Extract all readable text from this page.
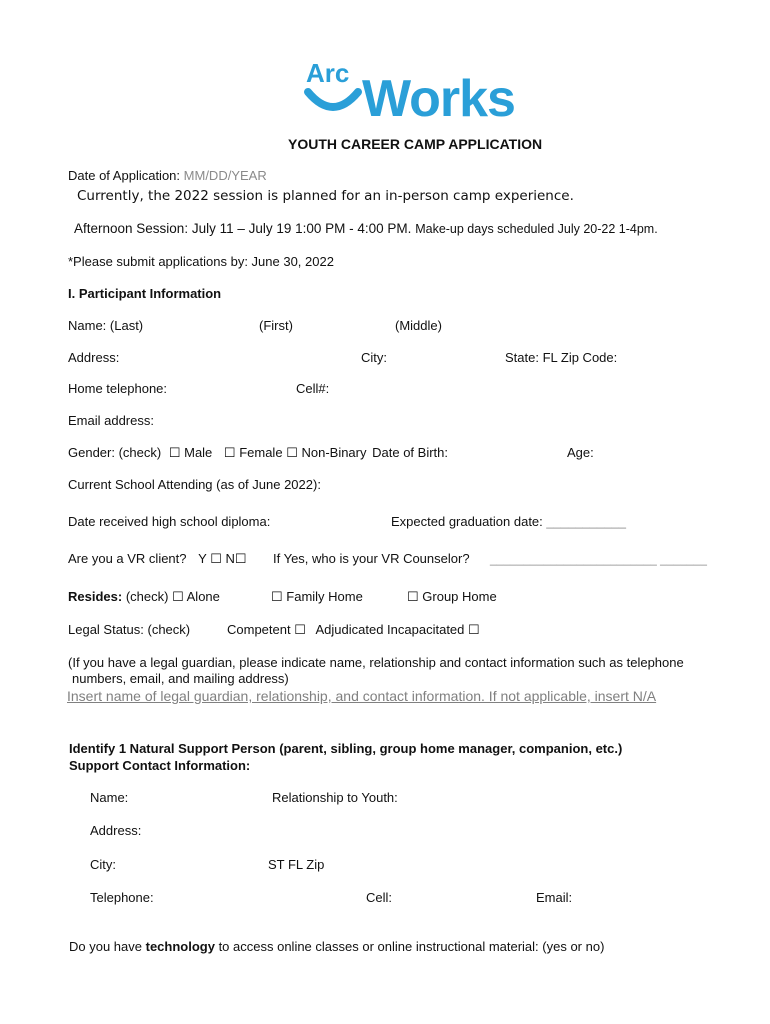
Arc Works
YOUTH CAREER CAMP APPLICATION
Date of Application: MM/DD/YEAR
Currently, the 2022 session is planned for an in-person camp experience.
Afternoon Session: July 11 – July 19 1:00 PM - 4:00 PM. Make-up days scheduled July 20-22 1-4pm.
*Please submit applications by: June 30, 2022
I. Participant Information
Name: (Last)	(First)	(Middle)
Address:	City:	State: FL Zip Code:
Home telephone:	Cell#:
Email address:
Gender: (check) ☐ Male ☐ Female ☐ Non-Binary Date of Birth:	Age:
Current School Attending (as of June 2022):
Date received high school diploma:	Expected graduation date: ___________
Are you a VR client? Y ☐ N☐ If Yes, who is your VR Counselor? _________________________ _______
Resides: (check) ☐ Alone	☐ Family Home	☐ Group Home
Legal Status: (check)	Competent ☐ Adjudicated Incapacitated ☐
(If you have a legal guardian, please indicate name, relationship and contact information such as telephone
numbers, email, and mailing address)
Insert name of legal guardian, relationship, and contact information. If not applicable, insert N/A
Identify 1 Natural Support Person (parent, sibling, group home manager, companion, etc.)
Support Contact Information:
Name:	Relationship to Youth:
Address:
City:	ST FL Zip
Telephone:	Cell:	Email:
Do you have technology to access online classes or online instructional material: (yes or no)
